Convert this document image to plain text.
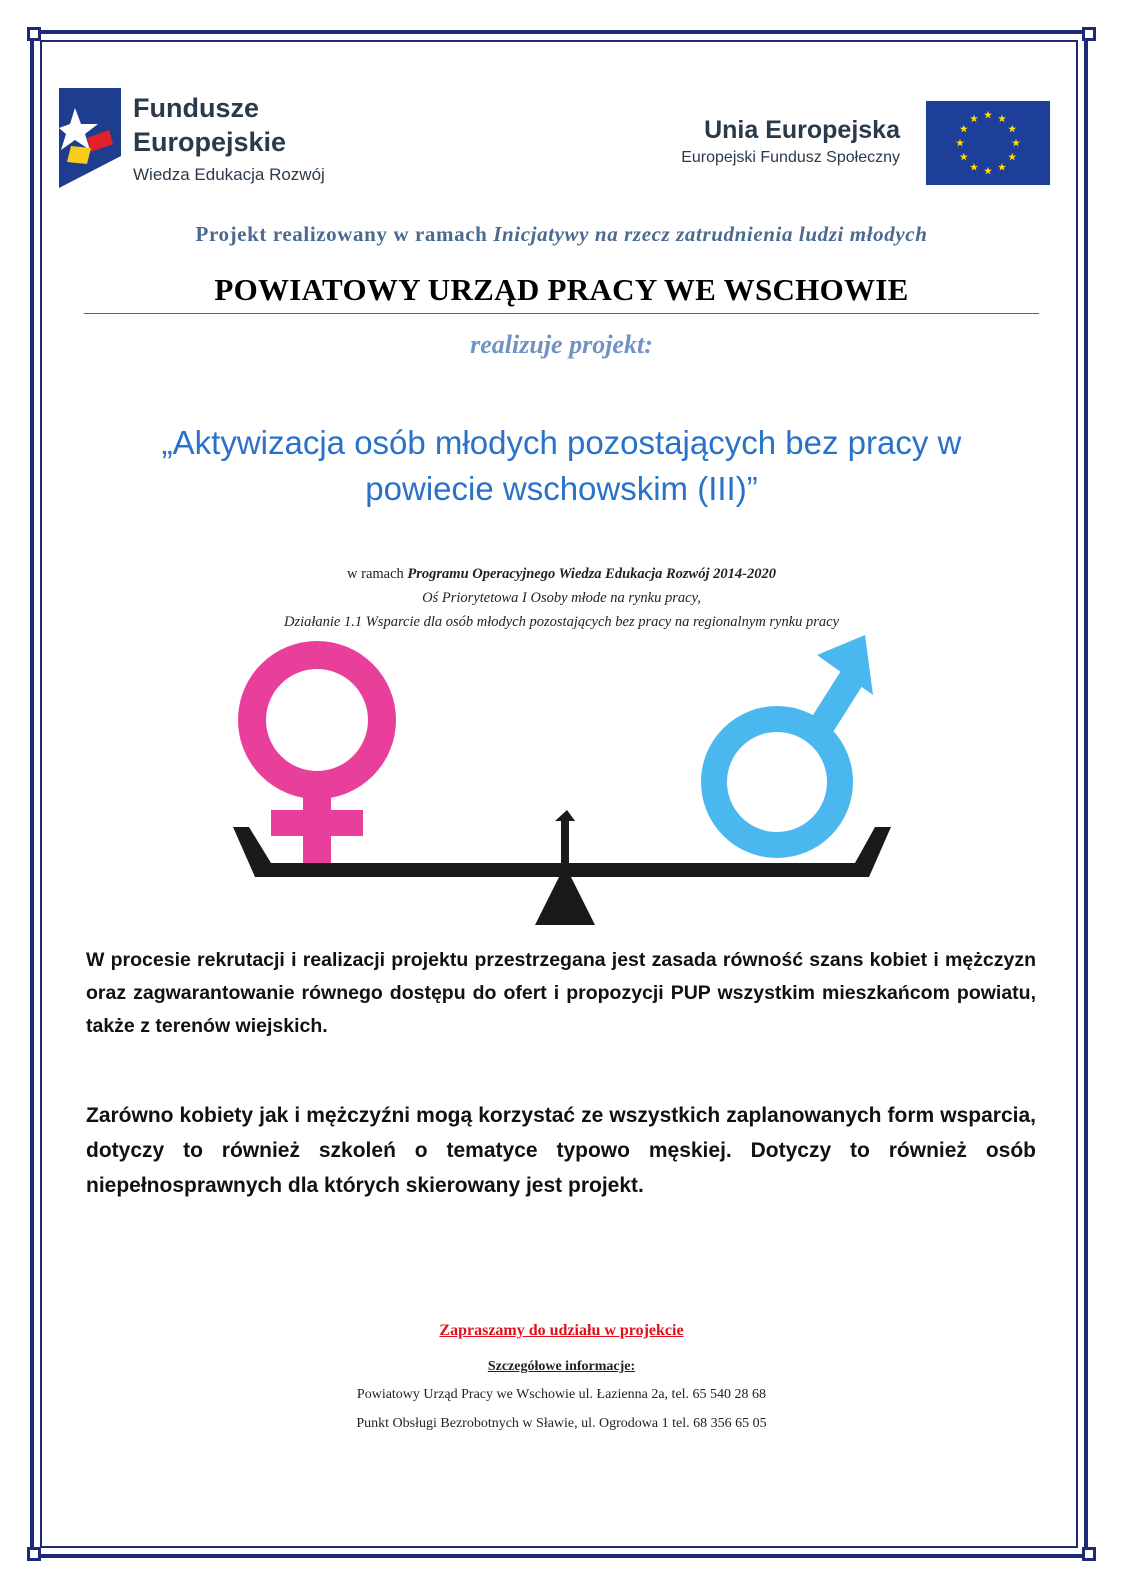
Fundusze
Europejskie
Wiedza Edukacja Rozwój
Unia Europejska
Europejski Fundusz Społeczny
Projekt realizowany w ramach Inicjatywy na rzecz zatrudnienia ludzi młodych
POWIATOWY URZĄD PRACY WE WSCHOWIE
realizuje projekt:
„Aktywizacja osób młodych pozostających bez pracy w
powiecie wschowskim (III)”
w ramach Programu Operacyjnego Wiedza Edukacja Rozwój 2014-2020
Oś Priorytetowa I Osoby młode na rynku pracy,
Działanie 1.1 Wsparcie dla osób młodych pozostających bez pracy na regionalnym rynku pracy
W procesie rekrutacji i realizacji projektu przestrzegana jest zasada równość szans kobiet i mężczyzn oraz zagwarantowanie równego dostępu do ofert i propozycji PUP wszystkim mieszkańcom powiatu, także z terenów wiejskich.
Zarówno kobiety jak i mężczyźni mogą korzystać ze wszystkich zaplanowanych form wsparcia, dotyczy to również szkoleń o tematyce typowo męskiej. Dotyczy to również osób niepełnosprawnych dla których skierowany jest projekt.
Zapraszamy do udziału w projekcie
Szczegółowe informacje:
Powiatowy Urząd Pracy we Wschowie ul. Łazienna 2a, tel. 65 540 28 68
Punkt Obsługi Bezrobotnych w Sławie, ul. Ogrodowa 1 tel. 68 356 65 05
